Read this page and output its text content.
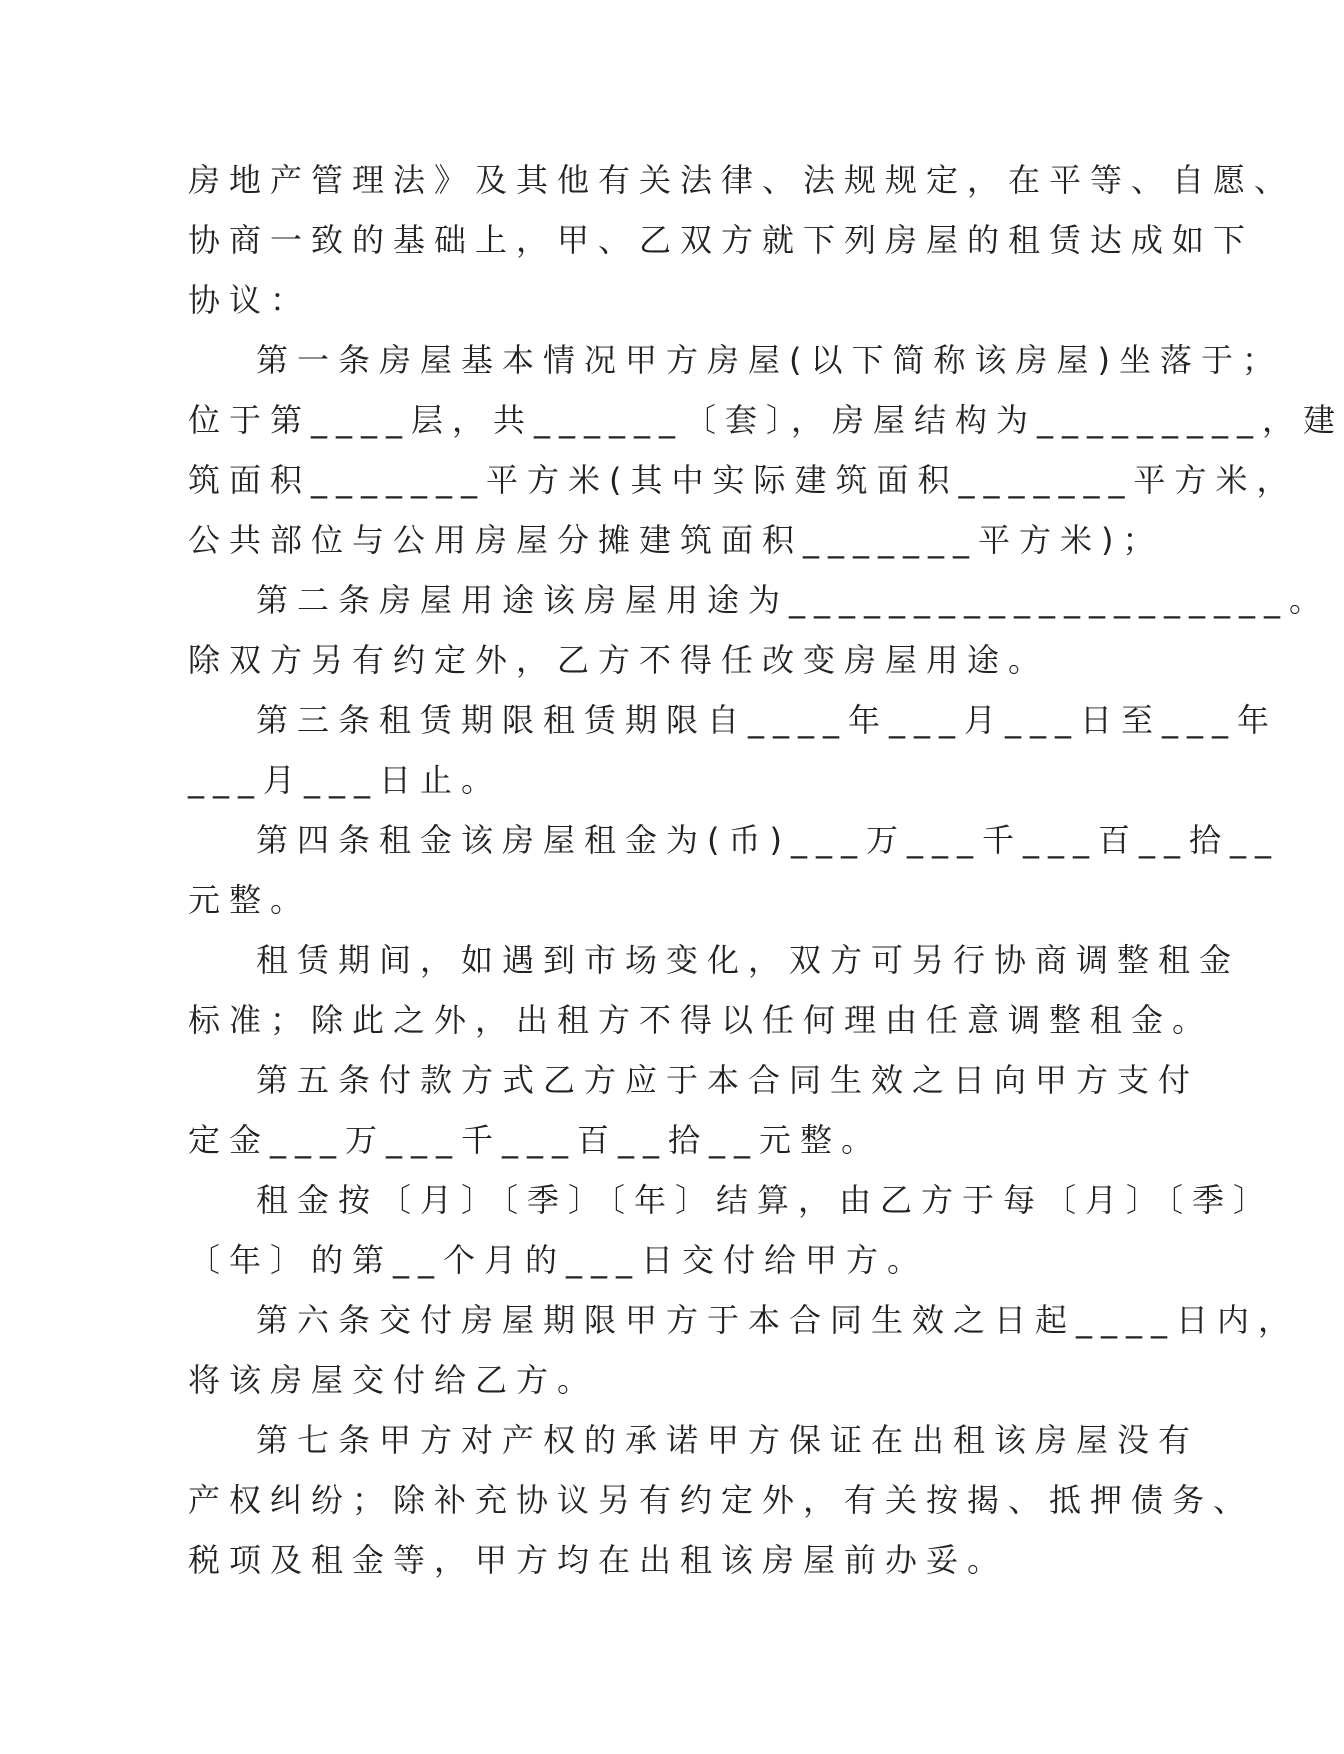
房地产管理法》及其他有关法律、法规规定，在平等、自愿、
协商一致的基础上，甲、乙双方就下列房屋的租赁达成如下
协议：
第一条房屋基本情况甲方房屋(以下简称该房屋)坐落于；
位于第____层，共______〔套〕，房屋结构为_________，建
筑面积_______平方米(其中实际建筑面积_______平方米，
公共部位与公用房屋分摊建筑面积_______平方米)；
第二条房屋用途该房屋用途为____________________。
除双方另有约定外，乙方不得任改变房屋用途。
第三条租赁期限租赁期限自____年___月___日至___年
___月___日止。
第四条租金该房屋租金为(币)___万___千___百__拾__
元整。
租赁期间，如遇到市场变化，双方可另行协商调整租金
标准；除此之外，出租方不得以任何理由任意调整租金。
第五条付款方式乙方应于本合同生效之日向甲方支付
定金___万___千___百__拾__元整。
租金按〔月〕〔季〕〔年〕结算，由乙方于每〔月〕〔季〕
〔年〕的第__个月的___日交付给甲方。
第六条交付房屋期限甲方于本合同生效之日起____日内，
将该房屋交付给乙方。
第七条甲方对产权的承诺甲方保证在出租该房屋没有
产权纠纷；除补充协议另有约定外，有关按揭、抵押债务、
税项及租金等，甲方均在出租该房屋前办妥。
